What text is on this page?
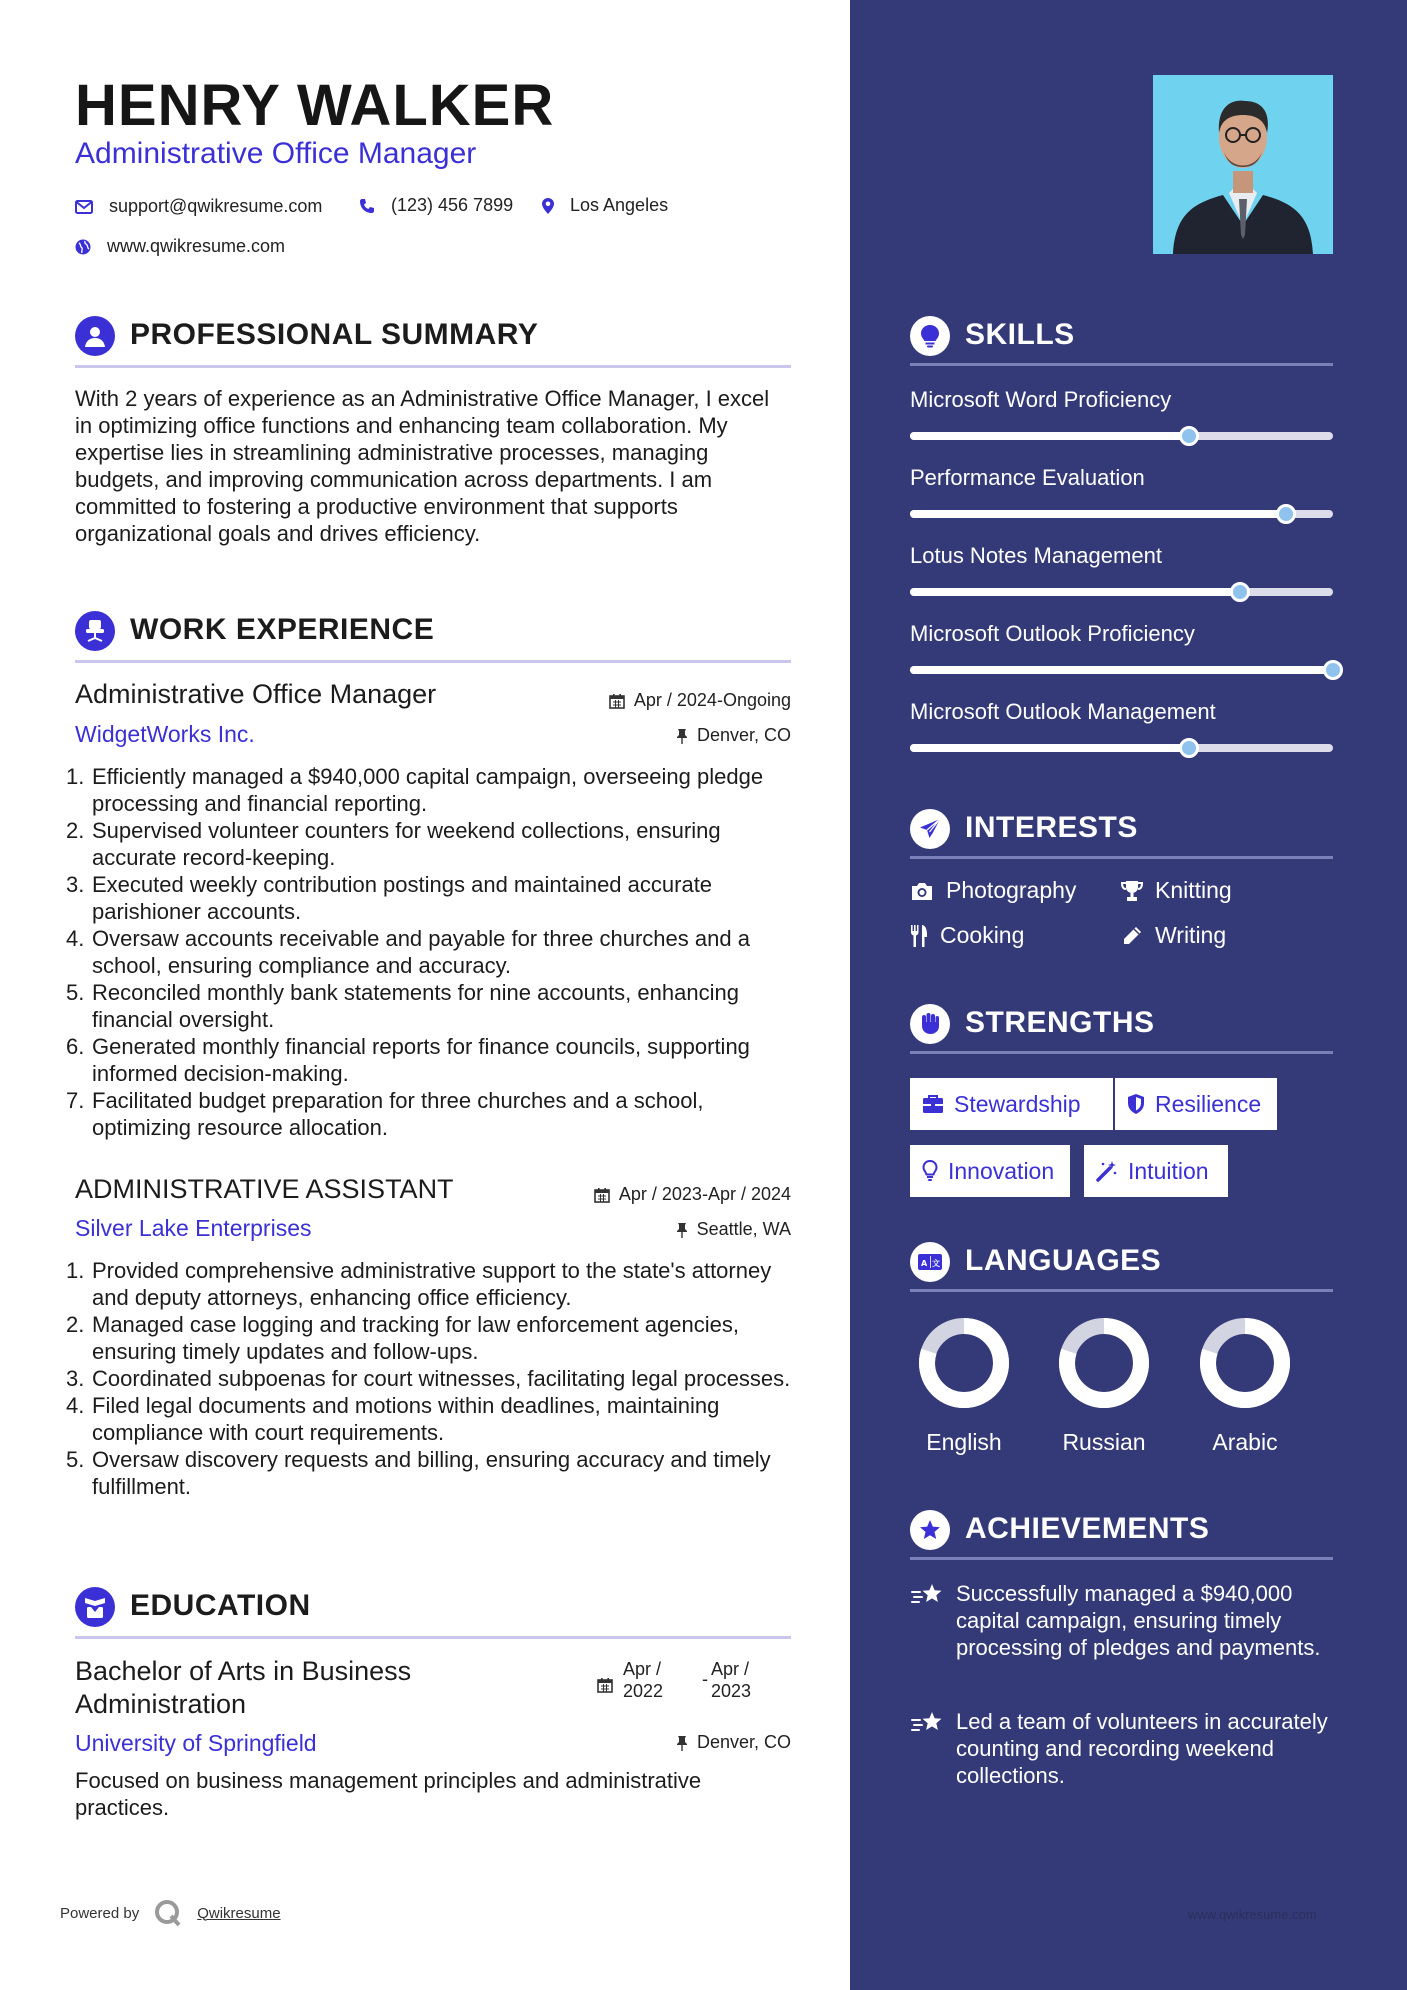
HENRY WALKER
Administrative Office Manager
support@qwikresume.com	(123) 456 7899	Los Angeles
www.qwikresume.com
PROFESSIONAL SUMMARY
With 2 years of experience as an Administrative Office Manager, I excel in optimizing office functions and enhancing team collaboration. My expertise lies in streamlining administrative processes, managing budgets, and improving communication across departments. I am committed to fostering a productive environment that supports organizational goals and drives efficiency.
WORK EXPERIENCE
Administrative Office Manager	Apr / 2024-Ongoing
WidgetWorks Inc.	Denver, CO
1. Efficiently managed a $940,000 capital campaign, overseeing pledge processing and financial reporting.
2. Supervised volunteer counters for weekend collections, ensuring accurate record-keeping.
3. Executed weekly contribution postings and maintained accurate parishioner accounts.
4. Oversaw accounts receivable and payable for three churches and a school, ensuring compliance and accuracy.
5. Reconciled monthly bank statements for nine accounts, enhancing financial oversight.
6. Generated monthly financial reports for finance councils, supporting informed decision-making.
7. Facilitated budget preparation for three churches and a school, optimizing resource allocation.
ADMINISTRATIVE ASSISTANT	Apr / 2023-Apr / 2024
Silver Lake Enterprises	Seattle, WA
1. Provided comprehensive administrative support to the state's attorney and deputy attorneys, enhancing office efficiency.
2. Managed case logging and tracking for law enforcement agencies, ensuring timely updates and follow-ups.
3. Coordinated subpoenas for court witnesses, facilitating legal processes.
4. Filed legal documents and motions within deadlines, maintaining compliance with court requirements.
5. Oversaw discovery requests and billing, ensuring accuracy and timely fulfillment.
EDUCATION
Bachelor of Arts in Business
Administration
Apr /
2022
- Apr /
2023
University of Springfield	Denver, CO
Focused on business management principles and administrative practices.
Powered by	Qwikresume
SKILLS
Microsoft Word Proficiency
Performance Evaluation
Lotus Notes Management
Microsoft Outlook Proficiency
Microsoft Outlook Management
INTERESTS
Photography	Knitting
Cooking	Writing
STRENGTHS
Stewardship	Resilience
Innovation	Intuition
A 文 LANGUAGES
English	Russian	Arabic
ACHIEVEMENTS
Successfully managed a $940,000 capital campaign, ensuring timely processing of pledges and payments.
Led a team of volunteers in accurately counting and recording weekend collections.
www.qwikresume.com
